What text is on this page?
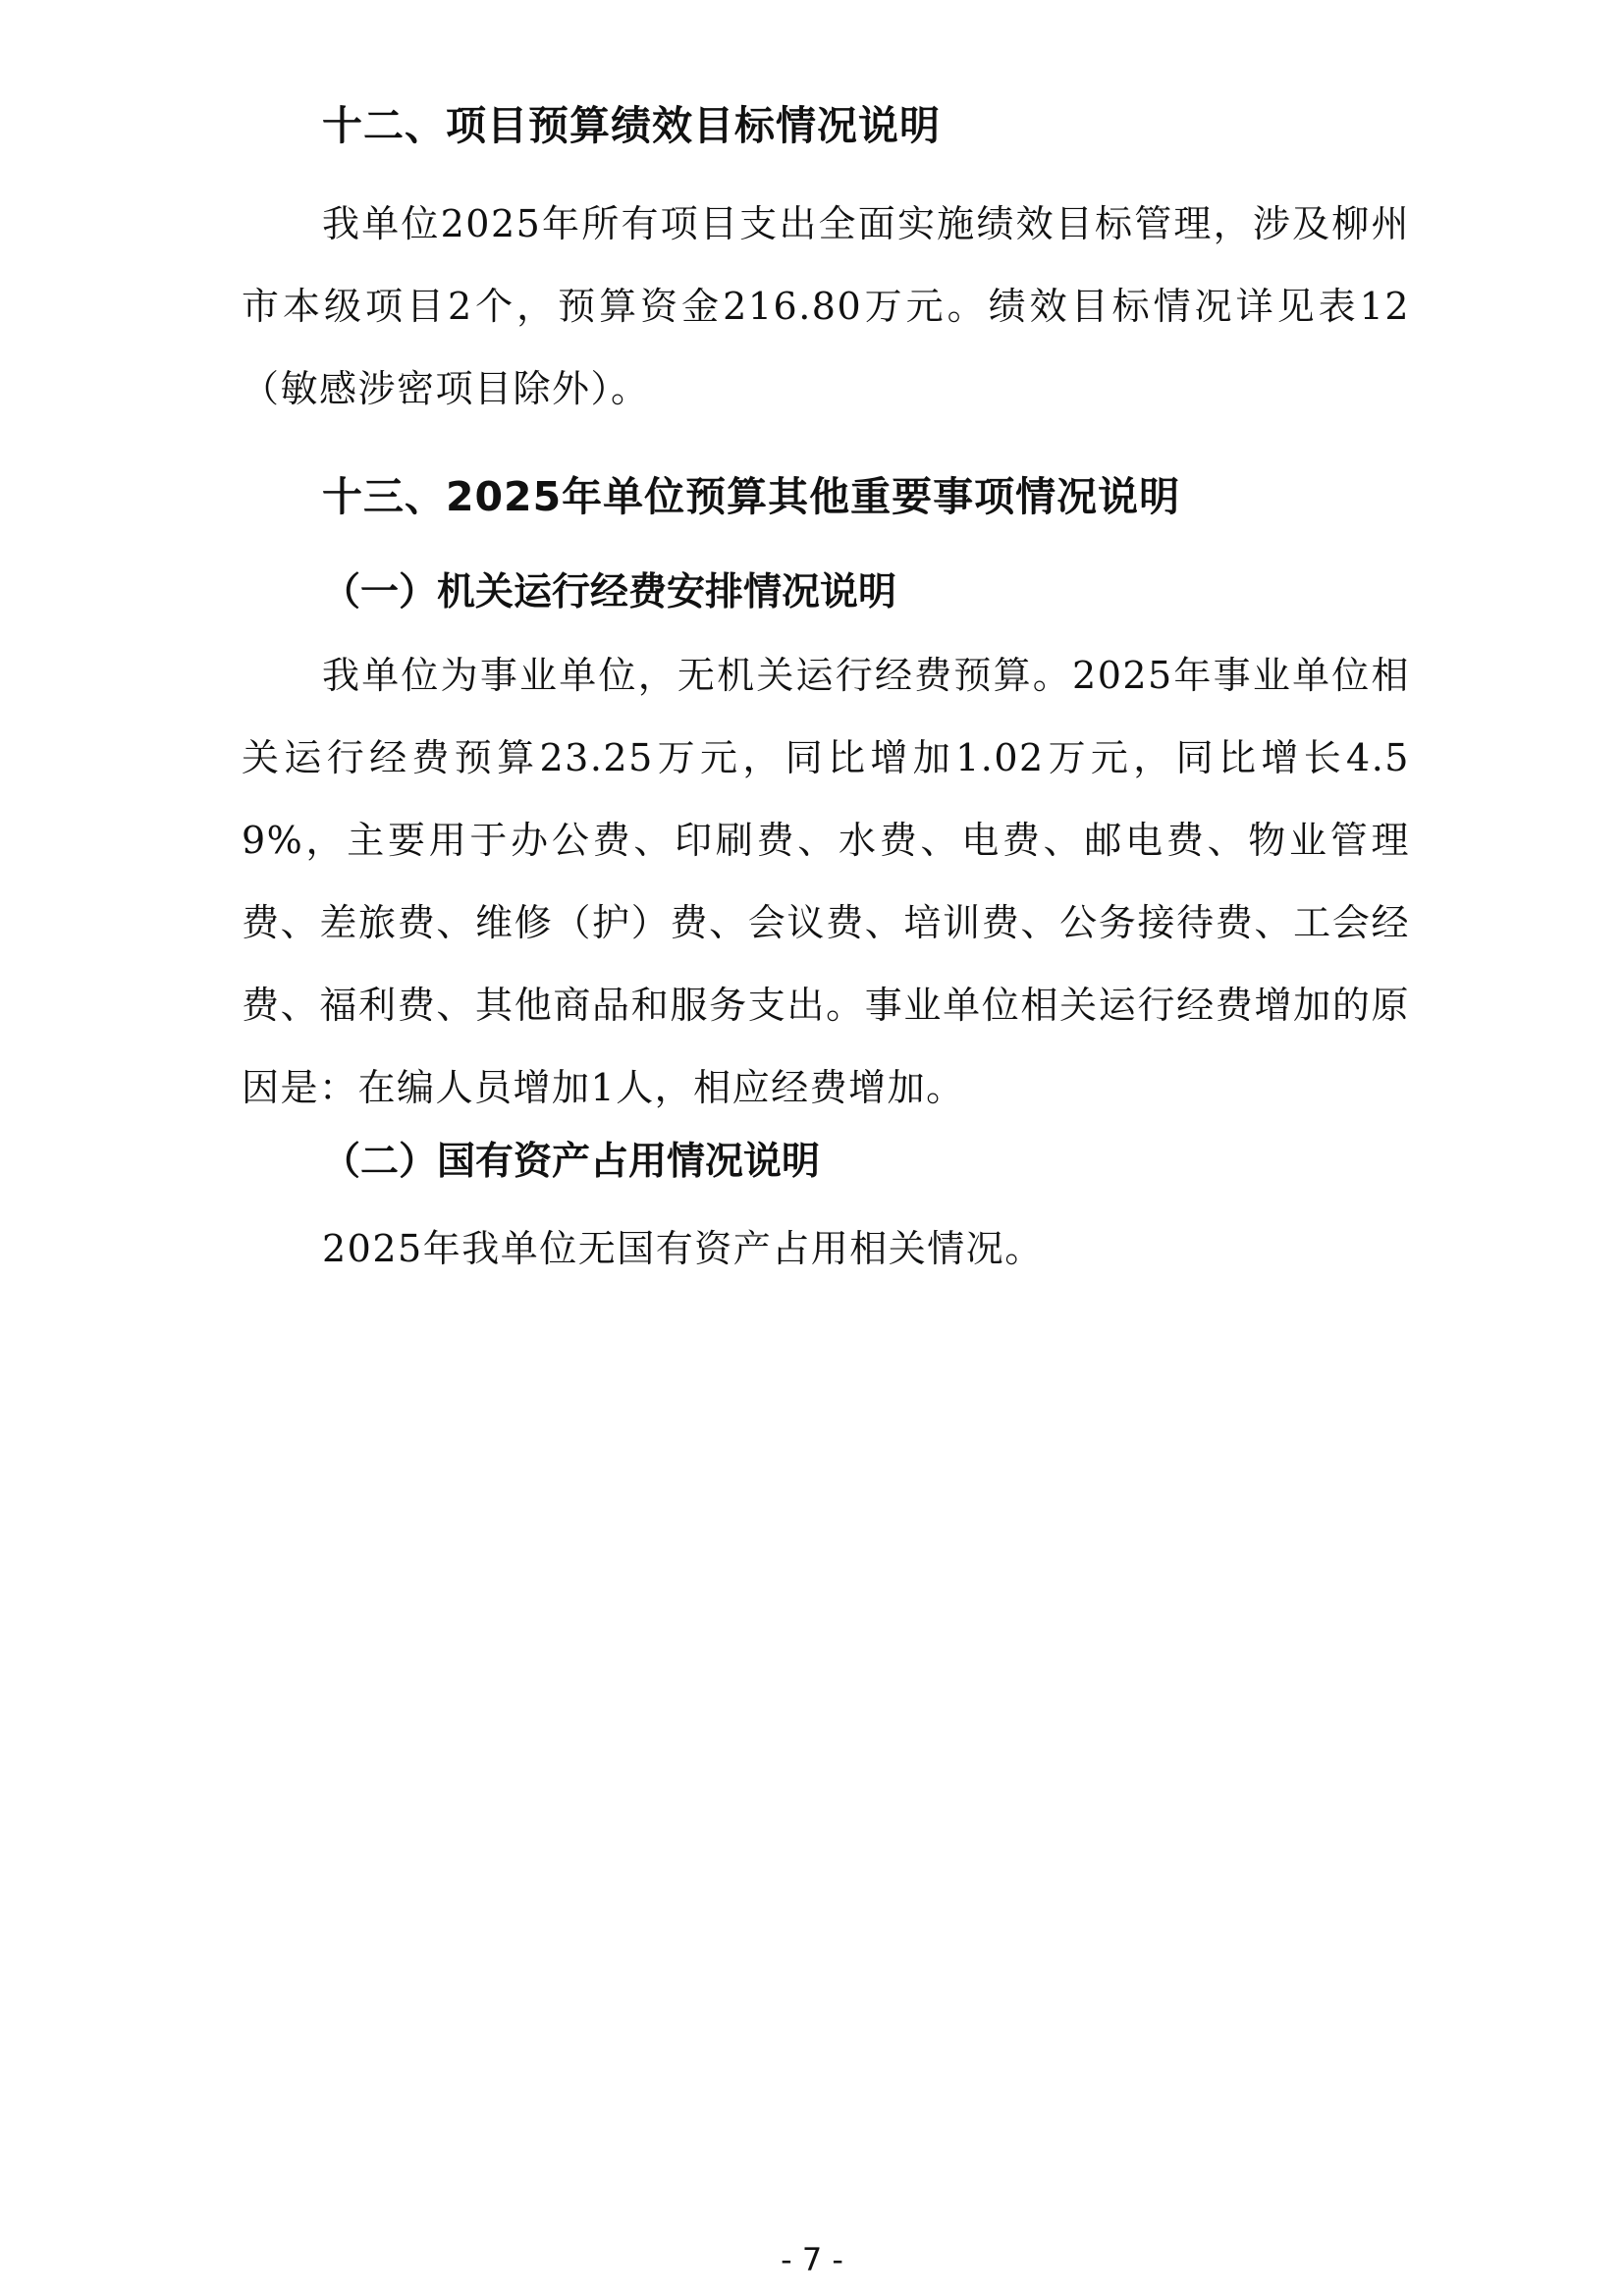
十二、项目预算绩效目标情况说明

我单位2025年所有项目支出全面实施绩效目标管理，涉及柳州市本级项目2个，预算资金216.80万元。绩效目标情况详见表12（敏感涉密项目除外）。

十三、2025年单位预算其他重要事项情况说明
（一）机关运行经费安排情况说明

我单位为事业单位，无机关运行经费预算。2025年事业单位相关运行经费预算23.25万元，同比增加1.02万元，同比增长4.59%，主要用于办公费、印刷费、水费、电费、邮电费、物业管理费、差旅费、维修（护）费、会议费、培训费、公务接待费、工会经费、福利费、其他商品和服务支出。事业单位相关运行经费增加的原因是：在编人员增加1人，相应经费增加。

（二）国有资产占用情况说明

2025年我单位无国有资产占用相关情况。

- 7 -
